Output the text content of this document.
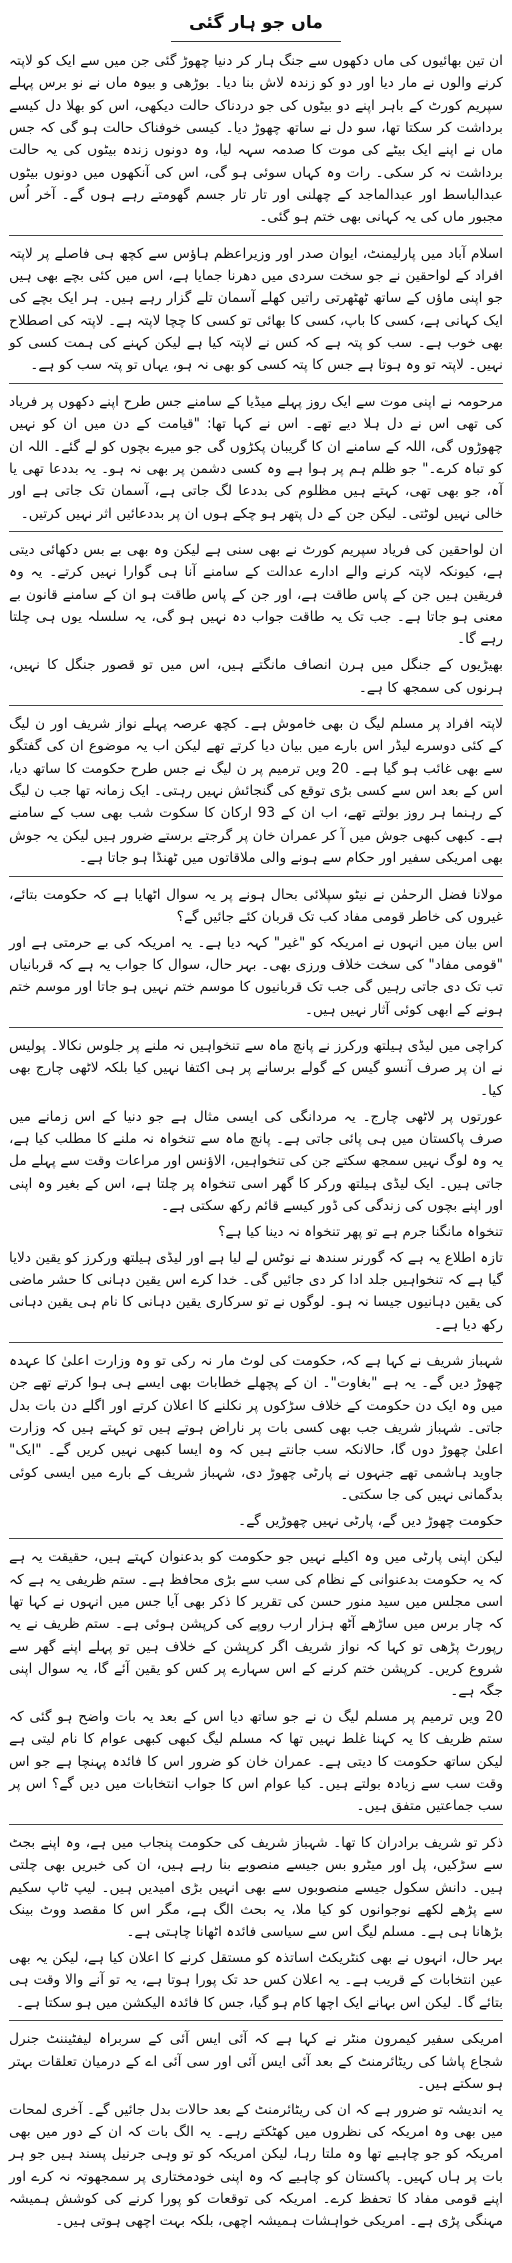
ماں جو ہار گئی

ان تین بھائیوں کی ماں دکھوں سے جنگ ہار کر دنیا چھوڑ گئی جن میں سے ایک کو لاپتہ کرنے والوں نے مار دیا اور دو کو زندہ لاش بنا دیا۔ بوڑھی و بیوہ ماں نے نو برس پہلے سپریم کورٹ کے باہر اپنے دو بیٹوں کی جو دردناک حالت دیکھی، اس کو بھلا دل کیسے برداشت کر سکتا تھا، سو دل نے ساتھ چھوڑ دیا۔ کیسی خوفناک حالت ہو گی کہ جس ماں نے اپنے ایک بیٹے کی موت کا صدمہ سہہ لیا، وہ دونوں زندہ بیٹوں کی یہ حالت برداشت نہ کر سکی۔ رات وہ کہاں سوئی ہو گی، اس کی آنکھوں میں دونوں بیٹوں عبدالباسط اور عبدالماجد کے چھلنی اور تار تار جسم گھومتے رہے ہوں گے۔ آخر اُس مجبور ماں کی یہ کہانی بھی ختم ہو گئی۔

اسلام آباد میں پارلیمنٹ، ایوان صدر اور وزیراعظم ہاؤس سے کچھ ہی فاصلے پر لاپتہ افراد کے لواحقین نے جو سخت سردی میں دھرنا جمایا ہے، اس میں کئی بچے بھی ہیں جو اپنی ماؤں کے ساتھ ٹھٹھرتی راتیں کھلے آسمان تلے گزار رہے ہیں۔ ہر ایک بچے کی ایک کہانی ہے، کسی کا باپ، کسی کا بھائی تو کسی کا چچا لاپتہ ہے۔ لاپتہ کی اصطلاح بھی خوب ہے۔ سب کو پتہ ہے کہ کس نے لاپتہ کیا ہے لیکن کہنے کی ہمت کسی کو نہیں۔ لاپتہ تو وہ ہوتا ہے جس کا پتہ کسی کو بھی نہ ہو، یہاں تو پتہ سب کو ہے۔

مرحومہ نے اپنی موت سے ایک روز پہلے میڈیا کے سامنے جس طرح اپنے دکھوں پر فریاد کی تھی اس نے دل ہلا دیے تھے۔ اس نے کہا تھا: "قیامت کے دن میں ان کو نہیں چھوڑوں گی، اللہ کے سامنے ان کا گریبان پکڑوں گی جو میرے بچوں کو لے گئے۔ اللہ ان کو تباہ کرے۔" جو ظلم ہم پر ہوا ہے وہ کسی دشمن پر بھی نہ ہو۔ یہ بددعا تھی یا آہ، جو بھی تھی، کہتے ہیں مظلوم کی بددعا لگ جاتی ہے، آسمان تک جاتی ہے اور خالی نہیں لوٹتی۔ لیکن جن کے دل پتھر ہو چکے ہوں ان پر بددعائیں اثر نہیں کرتیں۔

ان لواحقین کی فریاد سپریم کورٹ نے بھی سنی ہے لیکن وہ بھی بے بس دکھائی دیتی ہے، کیونکہ لاپتہ کرنے والے ادارے عدالت کے سامنے آنا ہی گوارا نہیں کرتے۔ یہ وہ فریقین ہیں جن کے پاس طاقت ہے، اور جن کے پاس طاقت ہو ان کے سامنے قانون بے معنی ہو جاتا ہے۔ جب تک یہ طاقت جواب دہ نہیں ہو گی، یہ سلسلہ یوں ہی چلتا رہے گا۔

بھیڑیوں کے جنگل میں ہرن انصاف مانگتے ہیں، اس میں تو قصور جنگل کا نہیں، ہرنوں کی سمجھ کا ہے۔

لاپتہ افراد پر مسلم لیگ ن بھی خاموش ہے۔ کچھ عرصہ پہلے نواز شریف اور ن لیگ کے کئی دوسرے لیڈر اس بارے میں بیان دیا کرتے تھے لیکن اب یہ موضوع ان کی گفتگو سے بھی غائب ہو گیا ہے۔ 20 ویں ترمیم پر ن لیگ نے جس طرح حکومت کا ساتھ دیا، اس کے بعد اس سے کسی بڑی توقع کی گنجائش نہیں رہتی۔ ایک زمانہ تھا جب ن لیگ کے رہنما ہر روز بولتے تھے، اب ان کے 93 ارکان کا سکوت شب بھی سب کے سامنے ہے۔ کبھی کبھی جوش میں آ کر عمران خان پر گرجتے برستے ضرور ہیں لیکن یہ جوش بھی امریکی سفیر اور حکام سے ہونے والی ملاقاتوں میں ٹھنڈا ہو جاتا ہے۔

مولانا فضل الرحمٰن نے نیٹو سپلائی بحال ہونے پر یہ سوال اٹھایا ہے کہ حکومت بتائے، غیروں کی خاطر قومی مفاد کب تک قربان کئے جائیں گے؟

اس بیان میں انہوں نے امریکہ کو "غیر" کہہ دیا ہے۔ یہ امریکہ کی بے حرمتی ہے اور "قومی مفاد" کی سخت خلاف ورزی بھی۔ بہر حال، سوال کا جواب یہ ہے کہ قربانیاں تب تک دی جاتی رہیں گی جب تک قربانیوں کا موسم ختم نہیں ہو جاتا اور موسم ختم ہونے کے ابھی کوئی آثار نہیں ہیں۔

کراچی میں لیڈی ہیلتھ ورکرز نے پانچ ماہ سے تنخواہیں نہ ملنے پر جلوس نکالا۔ پولیس نے ان پر صرف آنسو گیس کے گولے برسانے پر ہی اکتفا نہیں کیا بلکہ لاٹھی چارج بھی کیا۔

عورتوں پر لاٹھی چارج۔ یہ مردانگی کی ایسی مثال ہے جو دنیا کے اس زمانے میں صرف پاکستان میں ہی پائی جاتی ہے۔ پانچ ماہ سے تنخواہ نہ ملنے کا مطلب کیا ہے، یہ وہ لوگ نہیں سمجھ سکتے جن کی تنخواہیں، الاؤنس اور مراعات وقت سے پہلے مل جاتی ہیں۔ ایک لیڈی ہیلتھ ورکر کا گھر اسی تنخواہ پر چلتا ہے، اس کے بغیر وہ اپنی اور اپنے بچوں کی زندگی کی ڈور کیسے قائم رکھ سکتی ہے۔

تنخواہ مانگنا جرم ہے تو پھر تنخواہ نہ دینا کیا ہے؟

تازہ اطلاع یہ ہے کہ گورنر سندھ نے نوٹس لے لیا ہے اور لیڈی ہیلتھ ورکرز کو یقین دلایا گیا ہے کہ تنخواہیں جلد ادا کر دی جائیں گی۔ خدا کرے اس یقین دہانی کا حشر ماضی کی یقین دہانیوں جیسا نہ ہو۔ لوگوں نے تو سرکاری یقین دہانی کا نام ہی یقین دہانی رکھ دیا ہے۔

شہباز شریف نے کہا ہے کہ، حکومت کی لوٹ مار نہ رکی تو وہ وزارت اعلیٰ کا عہدہ چھوڑ دیں گے۔ یہ ہے "بغاوت"۔ ان کے پچھلے خطابات بھی ایسے ہی ہوا کرتے تھے جن میں وہ ایک دن حکومت کے خلاف سڑکوں پر نکلنے کا اعلان کرتے اور اگلے دن بات بدل جاتی۔ شہباز شریف جب بھی کسی بات پر ناراض ہوتے ہیں تو کہتے ہیں کہ وزارت اعلیٰ چھوڑ دوں گا، حالانکہ سب جانتے ہیں کہ وہ ایسا کبھی نہیں کریں گے۔ "ایک" جاوید ہاشمی تھے جنہوں نے پارٹی چھوڑ دی، شہباز شریف کے بارے میں ایسی کوئی بدگمانی نہیں کی جا سکتی۔

حکومت چھوڑ دیں گے، پارٹی نہیں چھوڑیں گے۔

لیکن اپنی پارٹی میں وہ اکیلے نہیں جو حکومت کو بدعنوان کہتے ہیں، حقیقت یہ ہے کہ یہ حکومت بدعنوانی کے نظام کی سب سے بڑی محافظ ہے۔ ستم ظریفی یہ ہے کہ اسی مجلس میں سید منور حسن کی تقریر کا ذکر بھی آیا جس میں انہوں نے کہا تھا کہ چار برس میں ساڑھے آٹھ ہزار ارب روپے کی کرپشن ہوئی ہے۔ ستم ظریف نے یہ رپورٹ پڑھی تو کہا کہ نواز شریف اگر کرپشن کے خلاف ہیں تو پہلے اپنے گھر سے شروع کریں۔ کرپشن ختم کرنے کے اس سہارے پر کس کو یقین آئے گا، یہ سوال اپنی جگہ ہے۔

20 ویں ترمیم پر مسلم لیگ ن نے جو ساتھ دیا اس کے بعد یہ بات واضح ہو گئی کہ ستم ظریف کا یہ کہنا غلط نہیں تھا کہ مسلم لیگ کبھی کبھی عوام کا نام لیتی ہے لیکن ساتھ حکومت کا دیتی ہے۔ عمران خان کو ضرور اس کا فائدہ پہنچا ہے جو اس وقت سب سے زیادہ بولتے ہیں۔ کیا عوام اس کا جواب انتخابات میں دیں گے؟ اس پر سب جماعتیں متفق ہیں۔

ذکر تو شریف برادران کا تھا۔ شہباز شریف کی حکومت پنجاب میں ہے، وہ اپنے بجٹ سے سڑکیں، پل اور میٹرو بس جیسے منصوبے بنا رہے ہیں، ان کی خبریں بھی چلتی ہیں۔ دانش سکول جیسے منصوبوں سے بھی انہیں بڑی امیدیں ہیں۔ لیپ ٹاپ سکیم سے پڑھے لکھے نوجوانوں کو کیا ملا، یہ بحث الگ ہے، مگر اس کا مقصد ووٹ بینک بڑھانا ہی ہے۔ مسلم لیگ اس سے سیاسی فائدہ اٹھانا چاہتی ہے۔

بہر حال، انہوں نے بھی کنٹریکٹ اساتذہ کو مستقل کرنے کا اعلان کیا ہے، لیکن یہ بھی عین انتخابات کے قریب ہے۔ یہ اعلان کس حد تک پورا ہوتا ہے، یہ تو آنے والا وقت ہی بتائے گا۔ لیکن اس بہانے ایک اچھا کام ہو گیا، جس کا فائدہ الیکشن میں ہو سکتا ہے۔

امریکی سفیر کیمرون منٹر نے کہا ہے کہ آئی ایس آئی کے سربراہ لیفٹیننٹ جنرل شجاع پاشا کی ریٹائرمنٹ کے بعد آئی ایس آئی اور سی آئی اے کے درمیان تعلقات بہتر ہو سکتے ہیں۔

یہ اندیشہ تو ضرور ہے کہ ان کی ریٹائرمنٹ کے بعد حالات بدل جائیں گے۔ آخری لمحات میں بھی وہ امریکہ کی نظروں میں کھٹکتے رہے۔ یہ الگ بات کہ ان کے دور میں بھی امریکہ کو جو چاہیے تھا وہ ملتا رہا، لیکن امریکہ کو تو وہی جرنیل پسند ہیں جو ہر بات پر ہاں کہیں۔ پاکستان کو چاہیے کہ وہ اپنی خودمختاری پر سمجھوتہ نہ کرے اور اپنے قومی مفاد کا تحفظ کرے۔ امریکہ کی توقعات کو پورا کرنے کی کوشش ہمیشہ مہنگی پڑی ہے۔ امریکی خواہشات ہمیشہ اچھی، بلکہ بہت اچھی ہوتی ہیں۔
